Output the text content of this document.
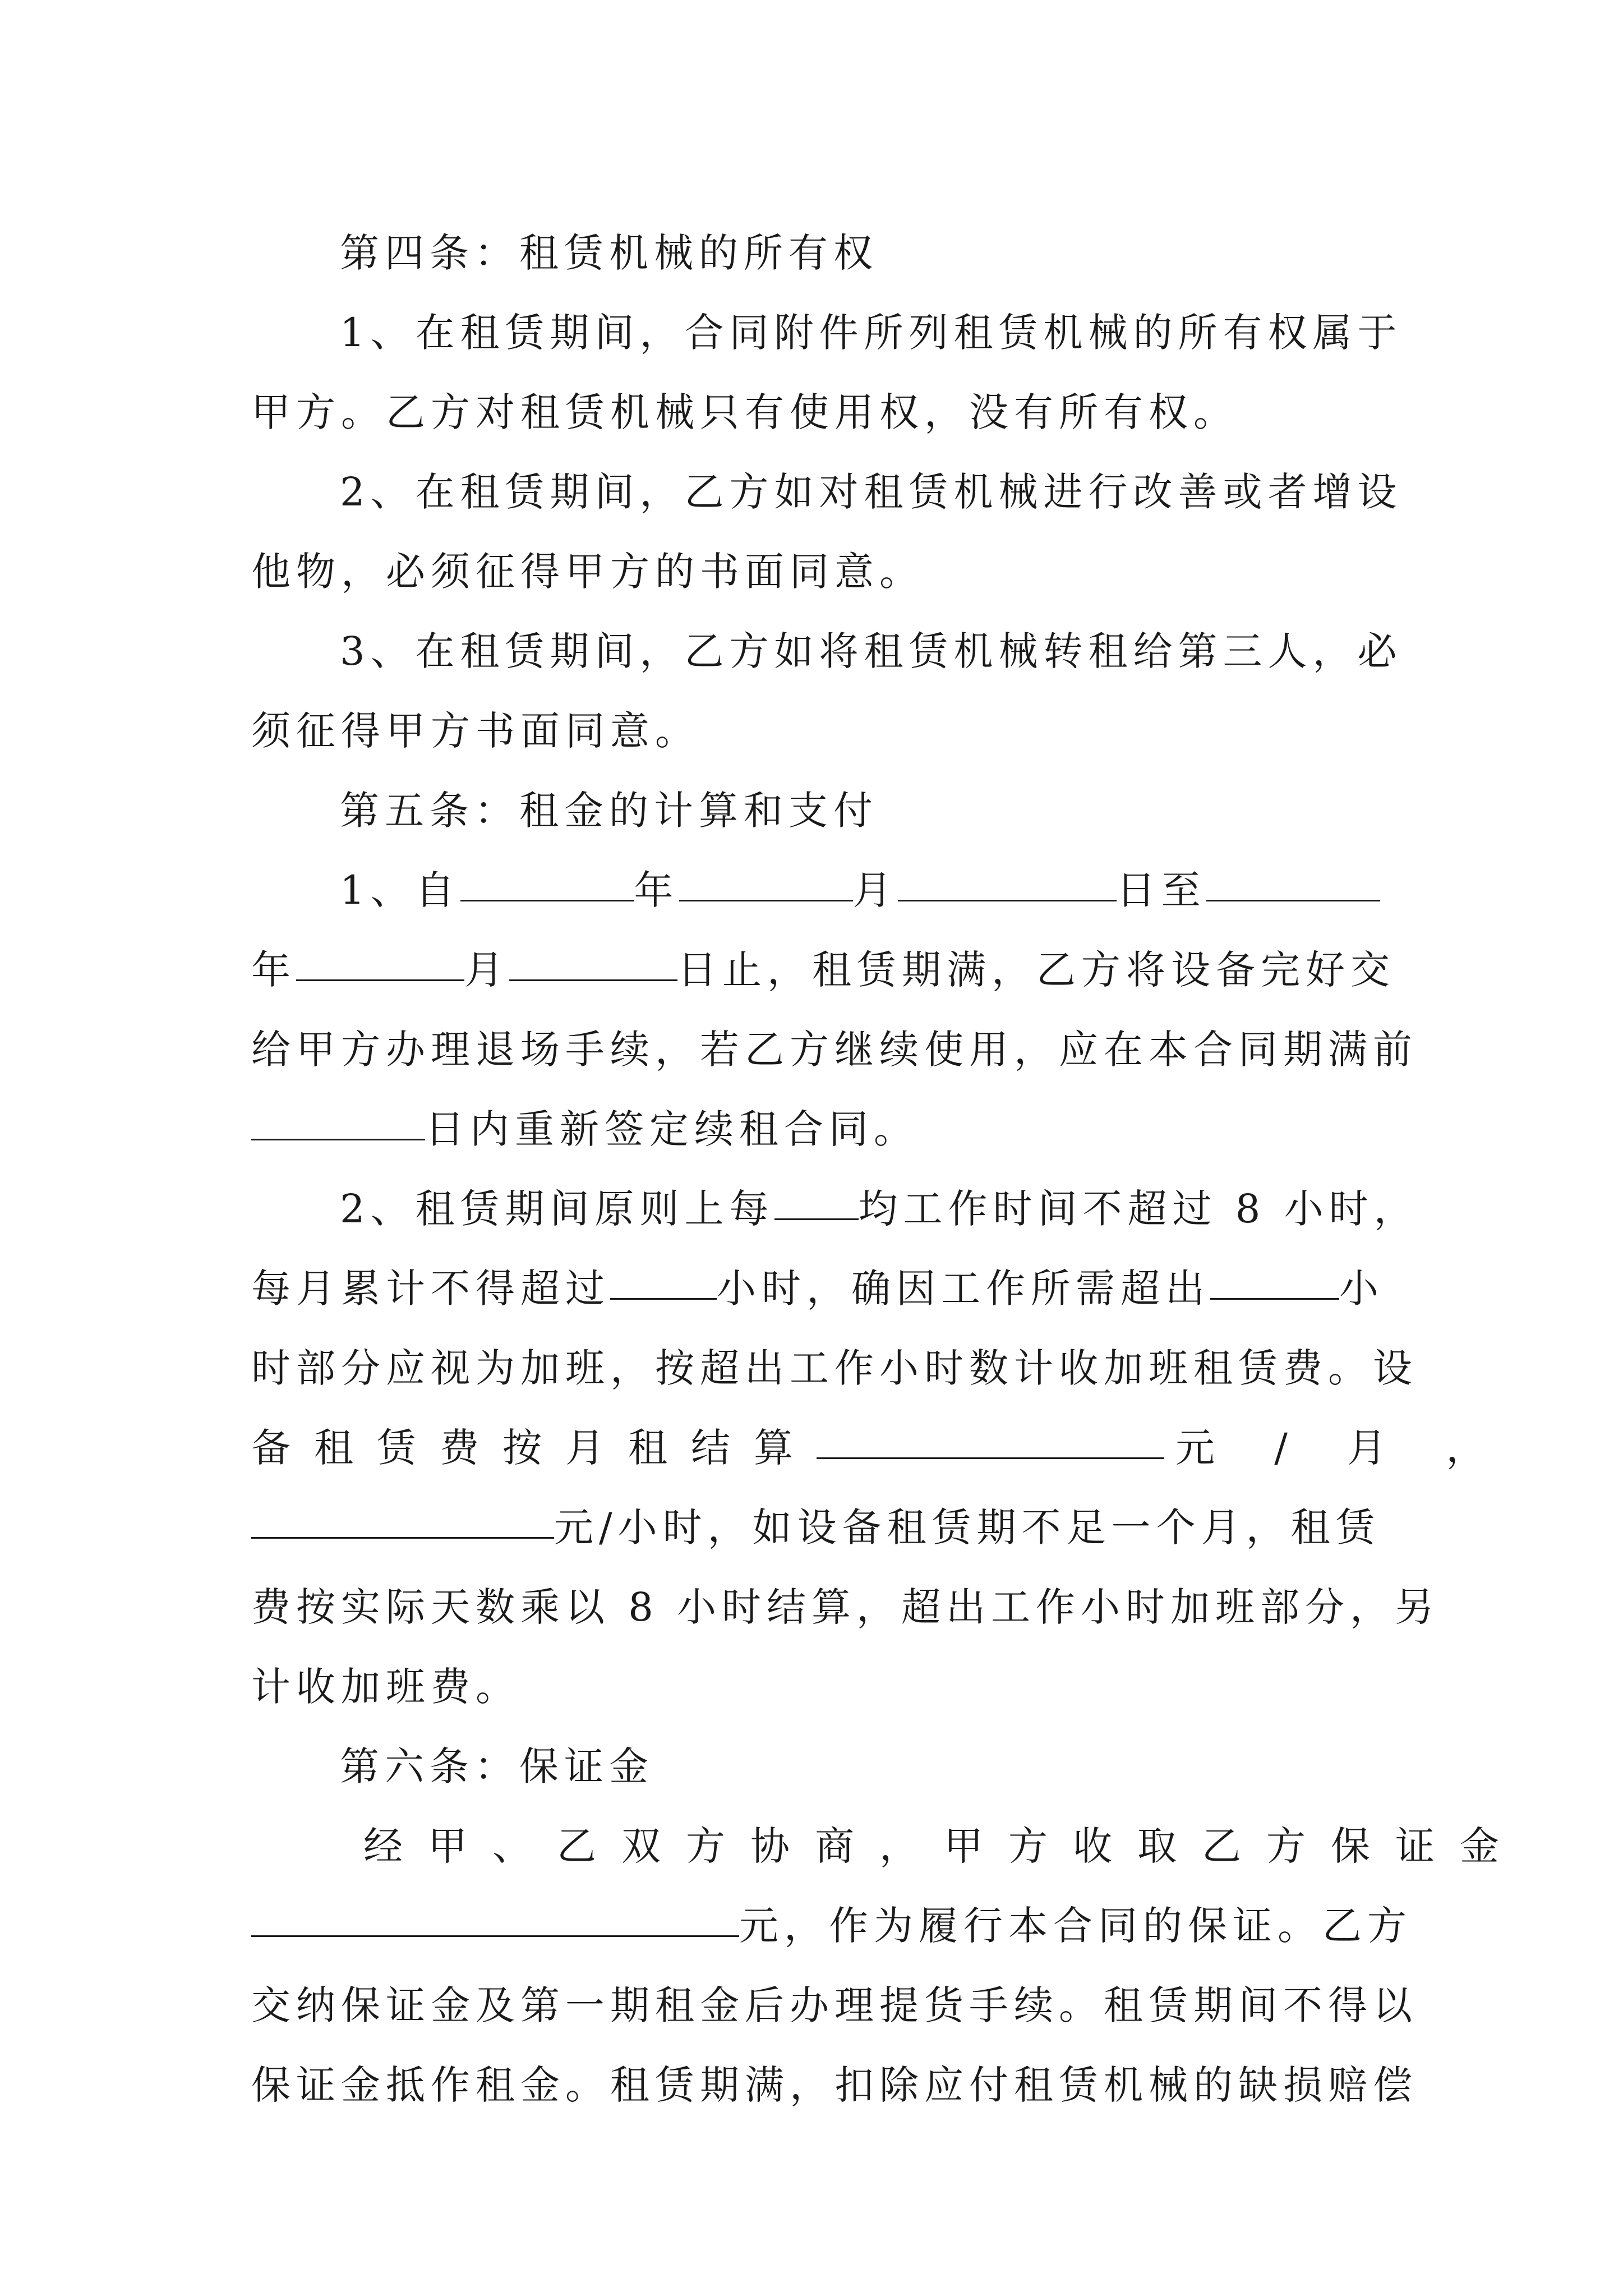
第四条：租赁机械的所有权
1、在租赁期间，合同附件所列租赁机械的所有权属于
甲方。乙方对租赁机械只有使用权，没有所有权。
2、在租赁期间，乙方如对租赁机械进行改善或者增设
他物，必须征得甲方的书面同意。
3、在租赁期间，乙方如将租赁机械转租给第三人，必
须征得甲方书面同意。
第五条：租金的计算和支付
1、自	年	月	日至
年	月	日止，租赁期满，乙方将设备完好交
给甲方办理退场手续，若乙方继续使用，应在本合同期满前
日内重新签定续租合同。
2、租赁期间原则上每 均工作时间不超过 8 小时，
每月累计不得超过	小时，确因工作所需超出	小
时部分应视为加班，按超出工作小时数计收加班租赁费。设
备租赁费按月租结算	元 / 月 ，
元/小时，如设备租赁期不足一个月，租赁
费按实际天数乘以 8 小时结算，超出工作小时加班部分，另
计收加班费。
第六条：保证金
经甲、乙双方协商，甲方收取乙方保证金
元，作为履行本合同的保证。乙方
交纳保证金及第一期租金后办理提货手续。租赁期间不得以
保证金抵作租金。租赁期满，扣除应付租赁机械的缺损赔偿
